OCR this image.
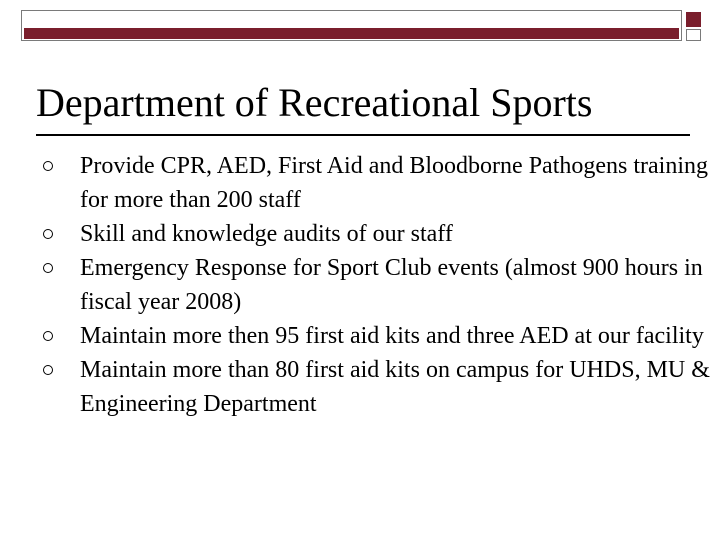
Department of Recreational Sports
Provide CPR, AED, First Aid and Bloodborne Pathogens training for more than 200 staff
Skill and knowledge audits of our staff
Emergency Response for Sport Club events (almost 900 hours in fiscal year 2008)
Maintain more then 95 first aid kits and three AED at our facility
Maintain more than 80 first aid kits on campus for UHDS, MU & Engineering Department
